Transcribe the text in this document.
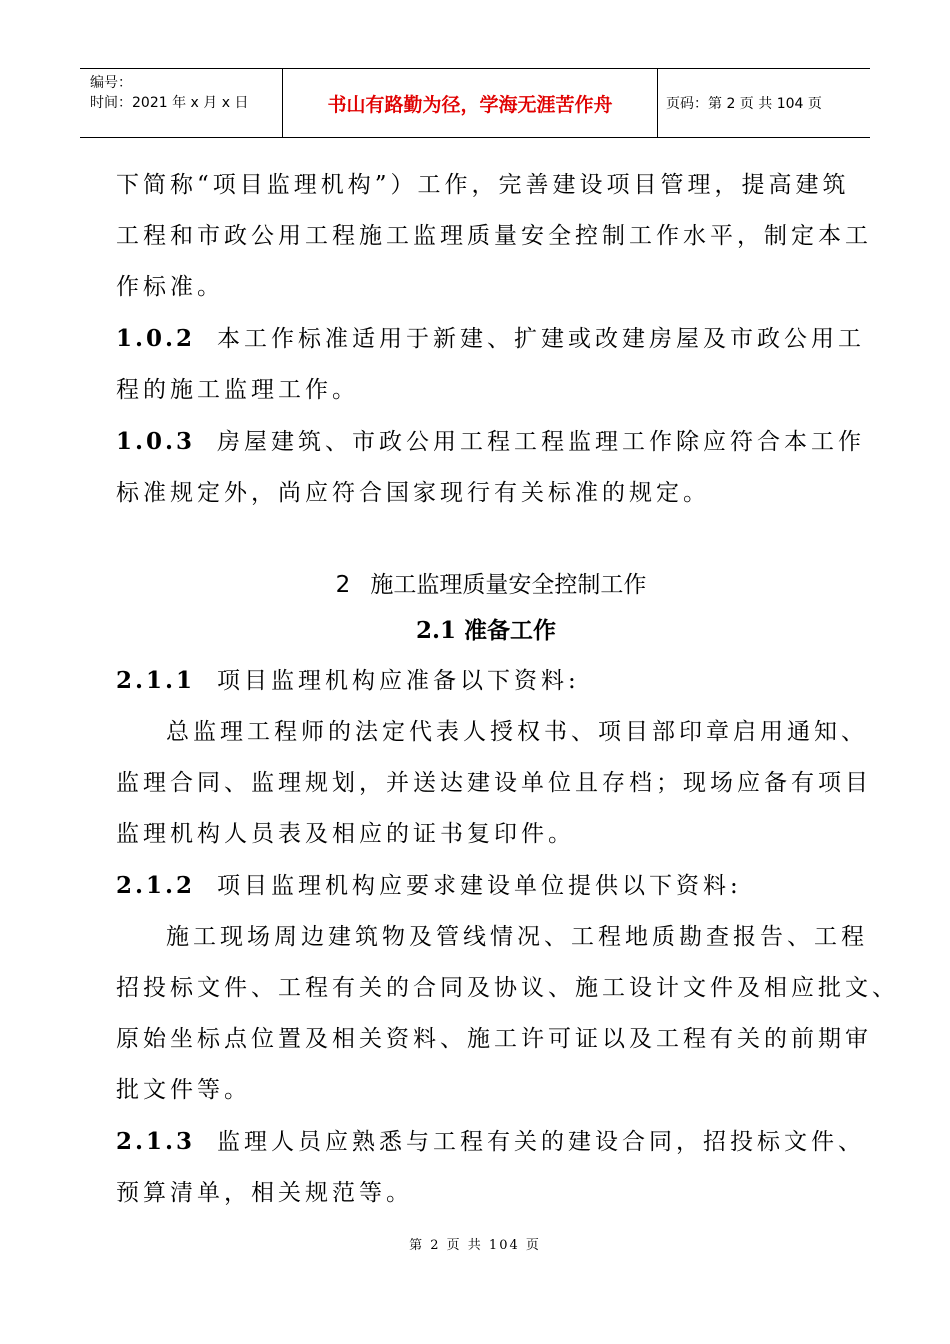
编号：
时间：2021 年 x 月 x 日	书山有路勤为径，学海无涯苦作舟	页码：第 2 页 共 104 页

下简称“项目监理机构”）工作，完善建设项目管理，提高建筑

工程和市政公用工程施工监理质量安全控制工作水平，制定本工

作标准。

1.0.2 本工作标准适用于新建、扩建或改建房屋及市政公用工

程的施工监理工作。

1.0.3 房屋建筑、市政公用工程工程监理工作除应符合本工作

标准规定外，尚应符合国家现行有关标准的规定。

2 施工监理质量安全控制工作

2.1 准备工作

2.1.1 项目监理机构应准备以下资料:

总监理工程师的法定代表人授权书、项目部印章启用通知、

监理合同、监理规划，并送达建设单位且存档；现场应备有项目

监理机构人员表及相应的证书复印件。

2.1.2 项目监理机构应要求建设单位提供以下资料:

施工现场周边建筑物及管线情况、工程地质勘查报告、工程

招投标文件、工程有关的合同及协议、施工设计文件及相应批文、

原始坐标点位置及相关资料、施工许可证以及工程有关的前期审

批文件等。

2.1.3 监理人员应熟悉与工程有关的建设合同，招投标文件、

预算清单，相关规范等。

第 2 页 共 104 页
